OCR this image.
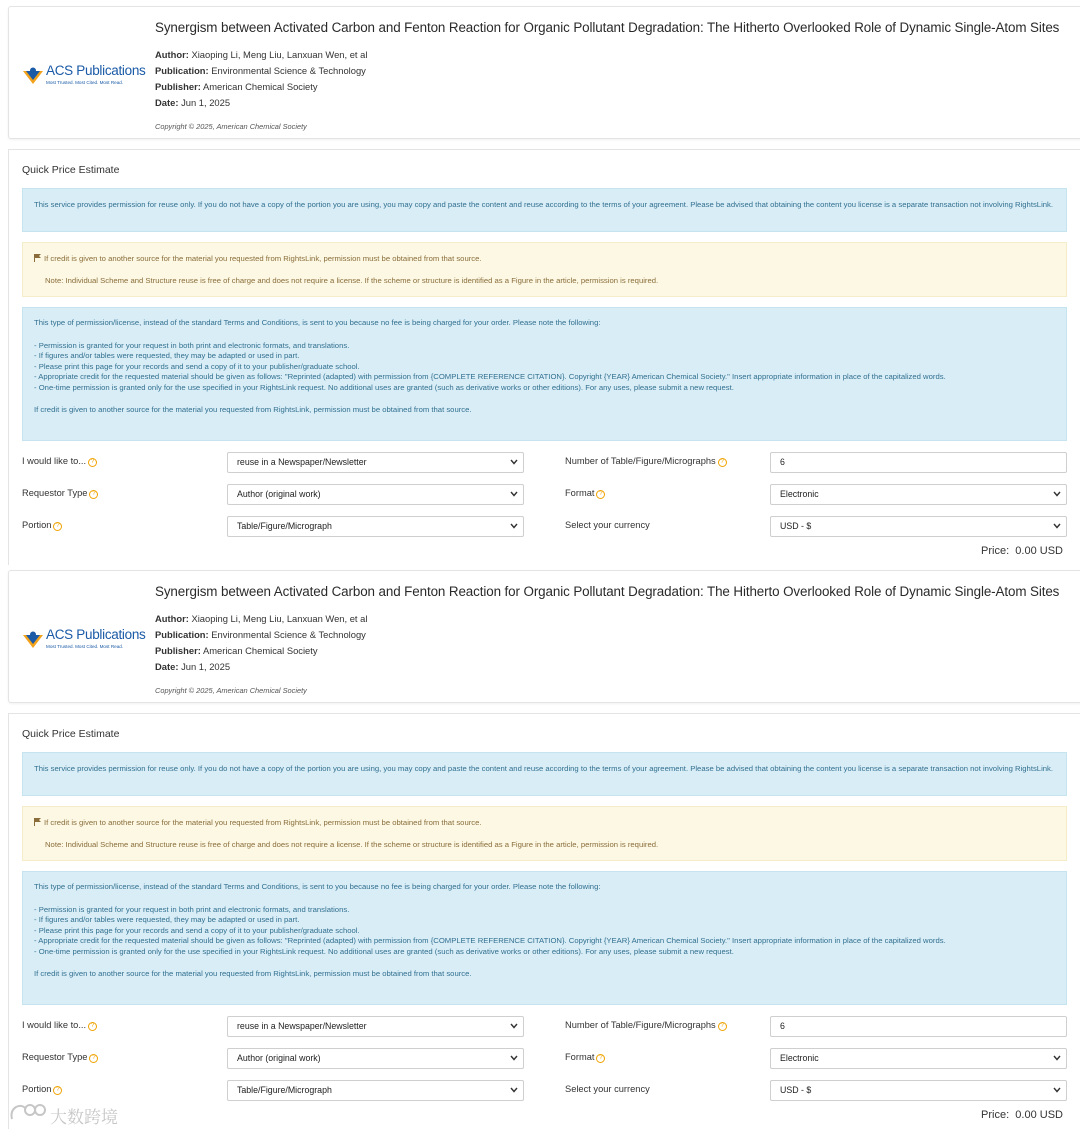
ACS Publications
Most Trusted. Most Cited. Most Read.
Synergism between Activated Carbon and Fenton Reaction for Organic Pollutant Degradation: The Hitherto Overlooked Role of Dynamic Single-Atom Sites
Author: Xiaoping Li, Meng Liu, Lanxuan Wen, et al
Publication: Environmental Science & Technology
Publisher: American Chemical Society
Date: Jun 1, 2025
Copyright © 2025, American Chemical Society
Quick Price Estimate
This service provides permission for reuse only. If you do not have a copy of the portion you are using, you may copy and paste the content and reuse according to the terms of your agreement. Please be advised that obtaining the content you license is a separate transaction not involving RightsLink.
If credit is given to another source for the material you requested from RightsLink, permission must be obtained from that source.
Note: Individual Scheme and Structure reuse is free of charge and does not require a license. If the scheme or structure is identified as a Figure in the article, permission is required.

This type of permission/license, instead of the standard Terms and Conditions, is sent to you because no fee is being charged for your order. Please note the following:

- Permission is granted for your request in both print and electronic formats, and translations.

- If figures and/or tables were requested, they may be adapted or used in part.

- Please print this page for your records and send a copy of it to your publisher/graduate school.

- Appropriate credit for the requested material should be given as follows: "Reprinted (adapted) with permission from {COMPLETE REFERENCE CITATION}. Copyright {YEAR} American Chemical Society." Insert appropriate information in place of the capitalized words.

- One-time permission is granted only for the use specified in your RightsLink request. No additional uses are granted (such as derivative works or other editions). For any uses, please submit a new request.

If credit is given to another source for the material you requested from RightsLink, permission must be obtained from that source.

I would like to... ?	reuse in a Newspaper/Newsletter	Number of Table/Figure/Micrographs ?	6
Requestor Type ?	Author (original work)	Format ?	Electronic
Portion ?	Table/Figure/Micrograph	Select your currency	USD - $
Price: 0.00 USD
ACS Publications
Most Trusted. Most Cited. Most Read.
Synergism between Activated Carbon and Fenton Reaction for Organic Pollutant Degradation: The Hitherto Overlooked Role of Dynamic Single-Atom Sites
Author: Xiaoping Li, Meng Liu, Lanxuan Wen, et al
Publication: Environmental Science & Technology
Publisher: American Chemical Society
Date: Jun 1, 2025
Copyright © 2025, American Chemical Society
Quick Price Estimate
This service provides permission for reuse only. If you do not have a copy of the portion you are using, you may copy and paste the content and reuse according to the terms of your agreement. Please be advised that obtaining the content you license is a separate transaction not involving RightsLink.
If credit is given to another source for the material you requested from RightsLink, permission must be obtained from that source.
Note: Individual Scheme and Structure reuse is free of charge and does not require a license. If the scheme or structure is identified as a Figure in the article, permission is required.

This type of permission/license, instead of the standard Terms and Conditions, is sent to you because no fee is being charged for your order. Please note the following:

- Permission is granted for your request in both print and electronic formats, and translations.

- If figures and/or tables were requested, they may be adapted or used in part.

- Please print this page for your records and send a copy of it to your publisher/graduate school.

- Appropriate credit for the requested material should be given as follows: "Reprinted (adapted) with permission from {COMPLETE REFERENCE CITATION}. Copyright {YEAR} American Chemical Society." Insert appropriate information in place of the capitalized words.

- One-time permission is granted only for the use specified in your RightsLink request. No additional uses are granted (such as derivative works or other editions). For any uses, please submit a new request.

If credit is given to another source for the material you requested from RightsLink, permission must be obtained from that source.

I would like to... ?	reuse in a Newspaper/Newsletter	Number of Table/Figure/Micrographs ?	6
Requestor Type ?	Author (original work)	Format ?	Electronic
Portion ?	Table/Figure/Micrograph	Select your currency	USD - $
Price: 0.00 USD
大数跨境
